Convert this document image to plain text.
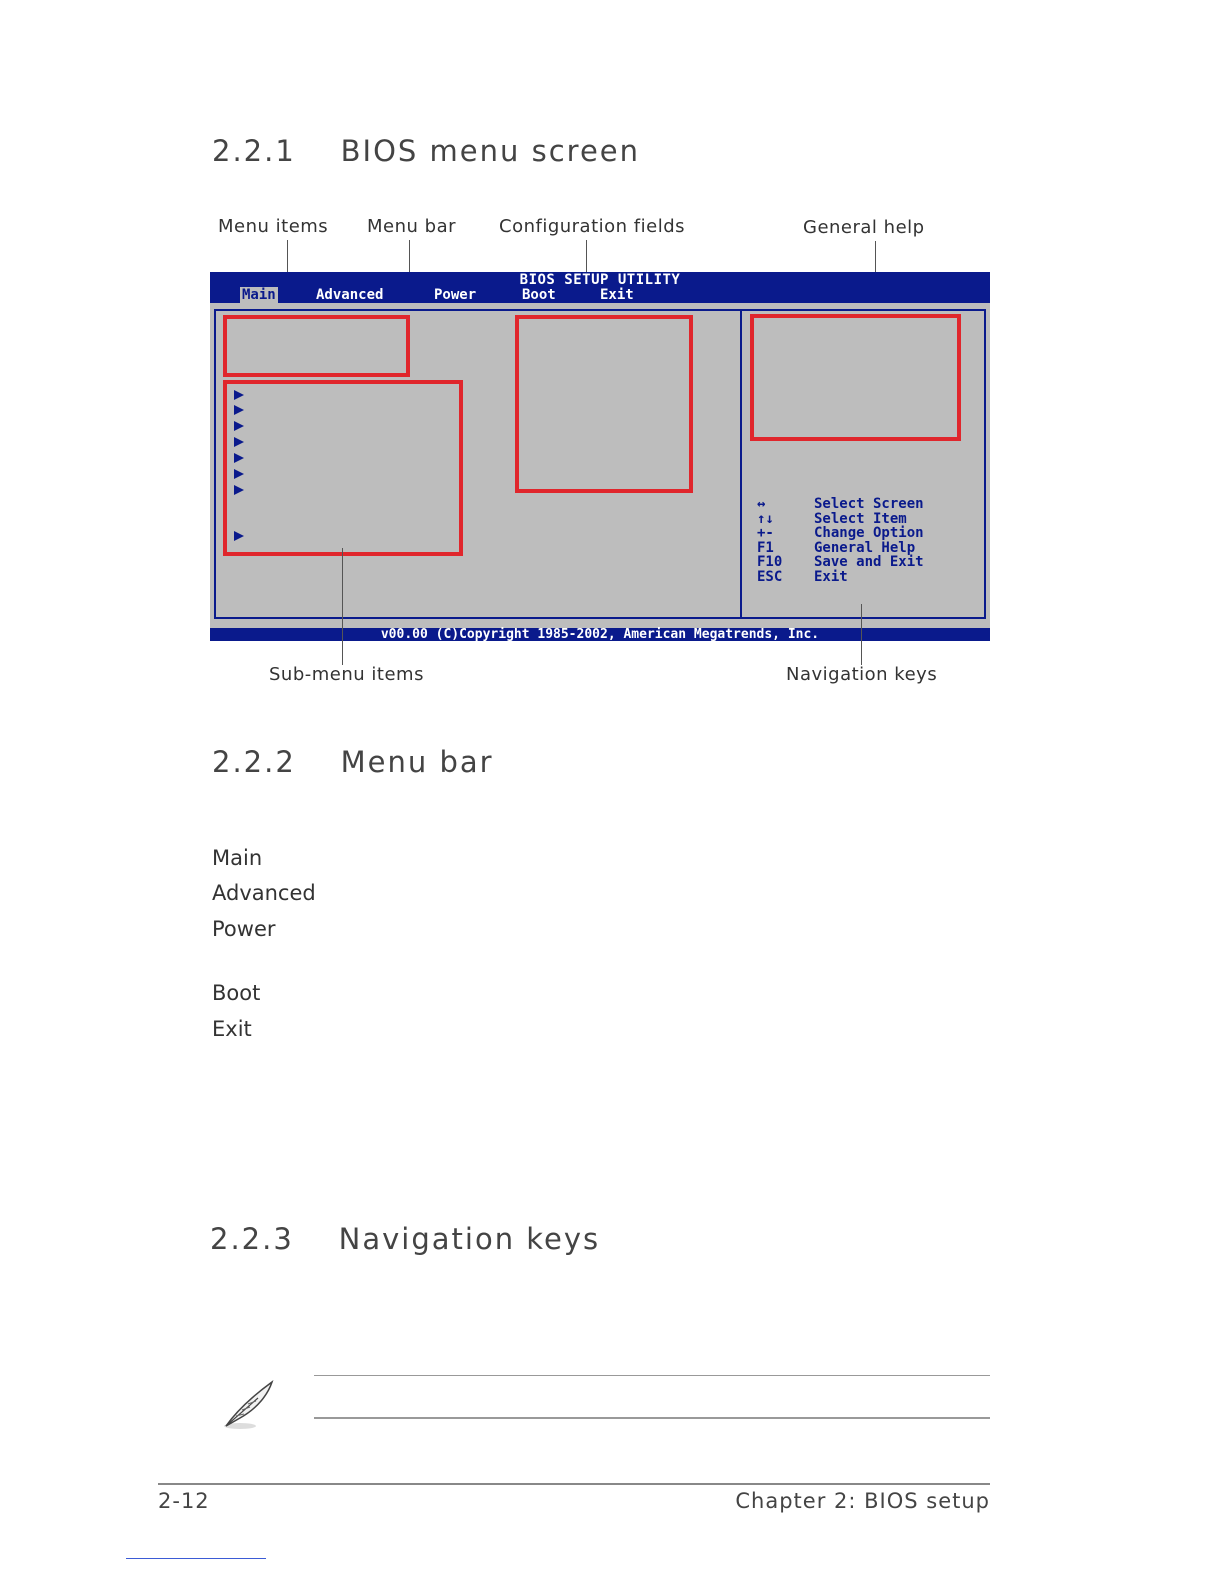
2.2.1    BIOS menu screen
Menu items Menu bar Configuration fields	General help
BIOS SETUP UTILITY
Main	Advanced	Power	Boot	Exit
↔	Select Screen
↑↓	Select Item
+-	Change Option
F1	General Help
F10 Save and Exit
ESC Exit
v00.00 (C)Copyright 1985-2002, American Megatrends, Inc.
Sub-menu items	Navigation keys
2.2.2    Menu bar
Main
Advanced
Power
Boot
Exit
2.2.3    Navigation keys
2-12	Chapter 2: BIOS setup
